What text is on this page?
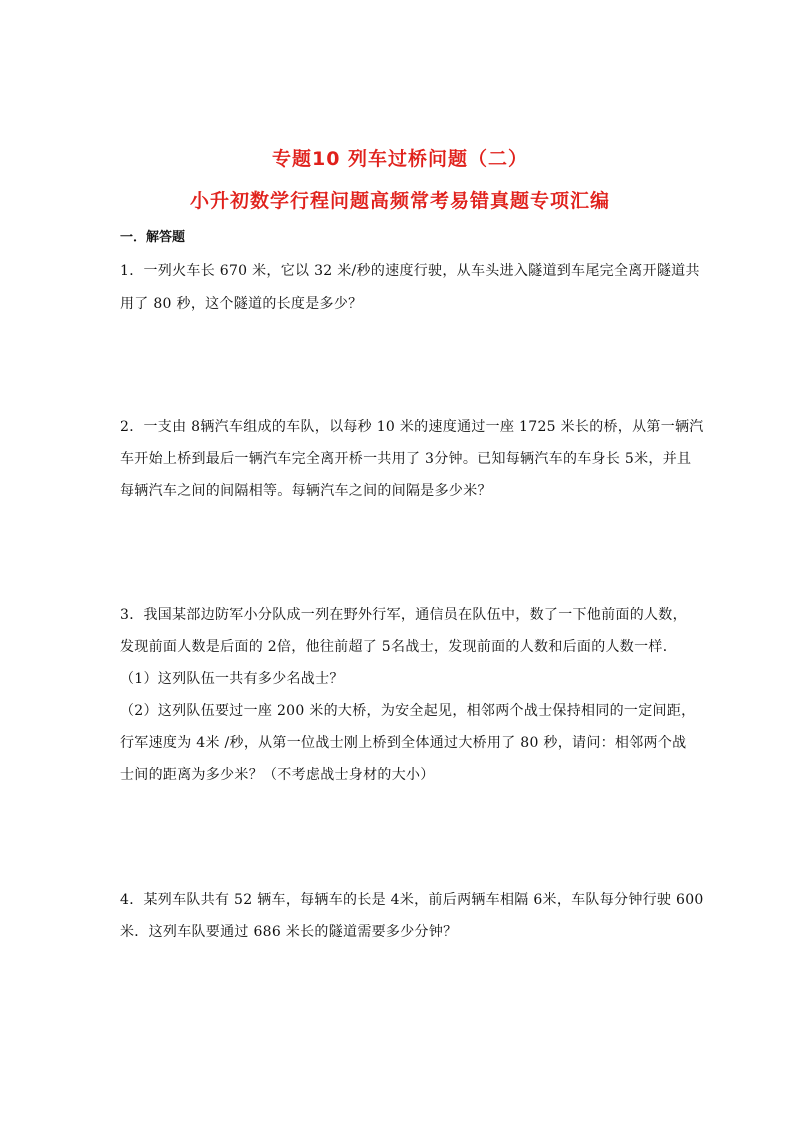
专题10 列车过桥问题（二）
小升初数学行程问题高频常考易错真题专项汇编
一．解答题
1．一列火车长 670 米，它以 32 米/秒的速度行驶，从车头进入隧道到车尾完全离开隧道共
用了 80 秒，这个隧道的长度是多少？
2．一支由 8辆汽车组成的车队，以每秒 10 米的速度通过一座 1725 米长的桥，从第一辆汽
车开始上桥到最后一辆汽车完全离开桥一共用了 3分钟。已知每辆汽车的车身长 5米，并且
每辆汽车之间的间隔相等。每辆汽车之间的间隔是多少米？
3．我国某部边防军小分队成一列在野外行军，通信员在队伍中，数了一下他前面的人数，
发现前面人数是后面的 2倍，他往前超了 5名战士，发现前面的人数和后面的人数一样．
（1）这列队伍一共有多少名战士？
（2）这列队伍要过一座 200 米的大桥，为安全起见，相邻两个战士保持相同的一定间距，
行军速度为 4米 /秒，从第一位战士刚上桥到全体通过大桥用了 80 秒，请问：相邻两个战
士间的距离为多少米？（不考虑战士身材的大小）
4．某列车队共有 52 辆车，每辆车的长是 4米，前后两辆车相隔 6米，车队每分钟行驶 600
米．这列车队要通过 686 米长的隧道需要多少分钟？
